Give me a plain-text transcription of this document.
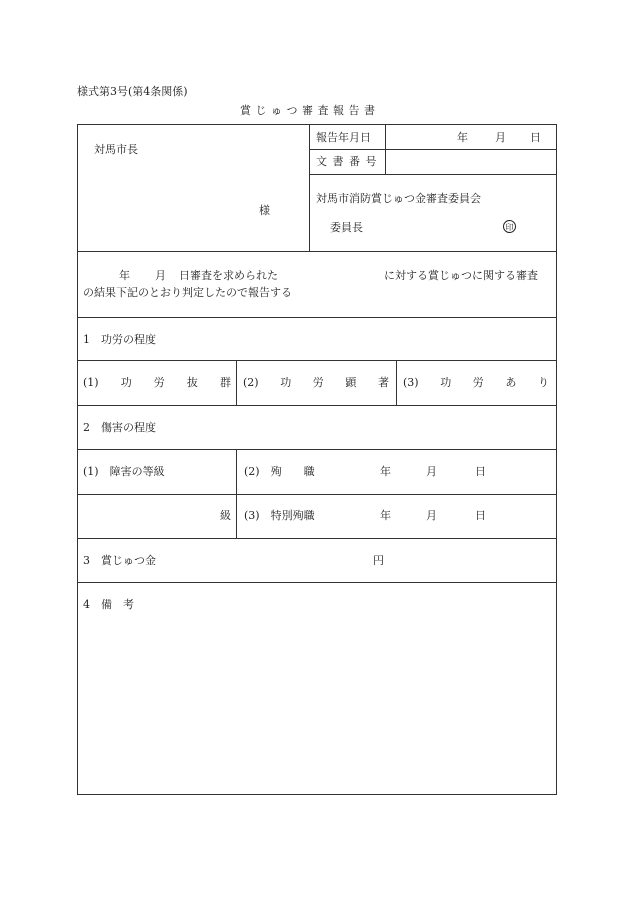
様式第3号(第4条関係)
賞 じ ゅ つ 審 査 報 告 書
対馬市長
様
報告年月日	年 月 日
文 書 番 号
対馬市消防賞じゅつ金審査委員会
委員長	印
年 月 日審査を求められた	に対する賞じゅつに関する審査
の結果下記のとおり判定したので報告する
1　功労の程度
(1) 功 労 抜 群 (2) 功 労 顕 著 (3) 功 労 あ り
2　傷害の程度
(1)　障害の等級
級
(2)　殉　　職	年	月	日
(3)　特別殉職	年	月	日
3　賞じゅつ金	円
4　備　考
